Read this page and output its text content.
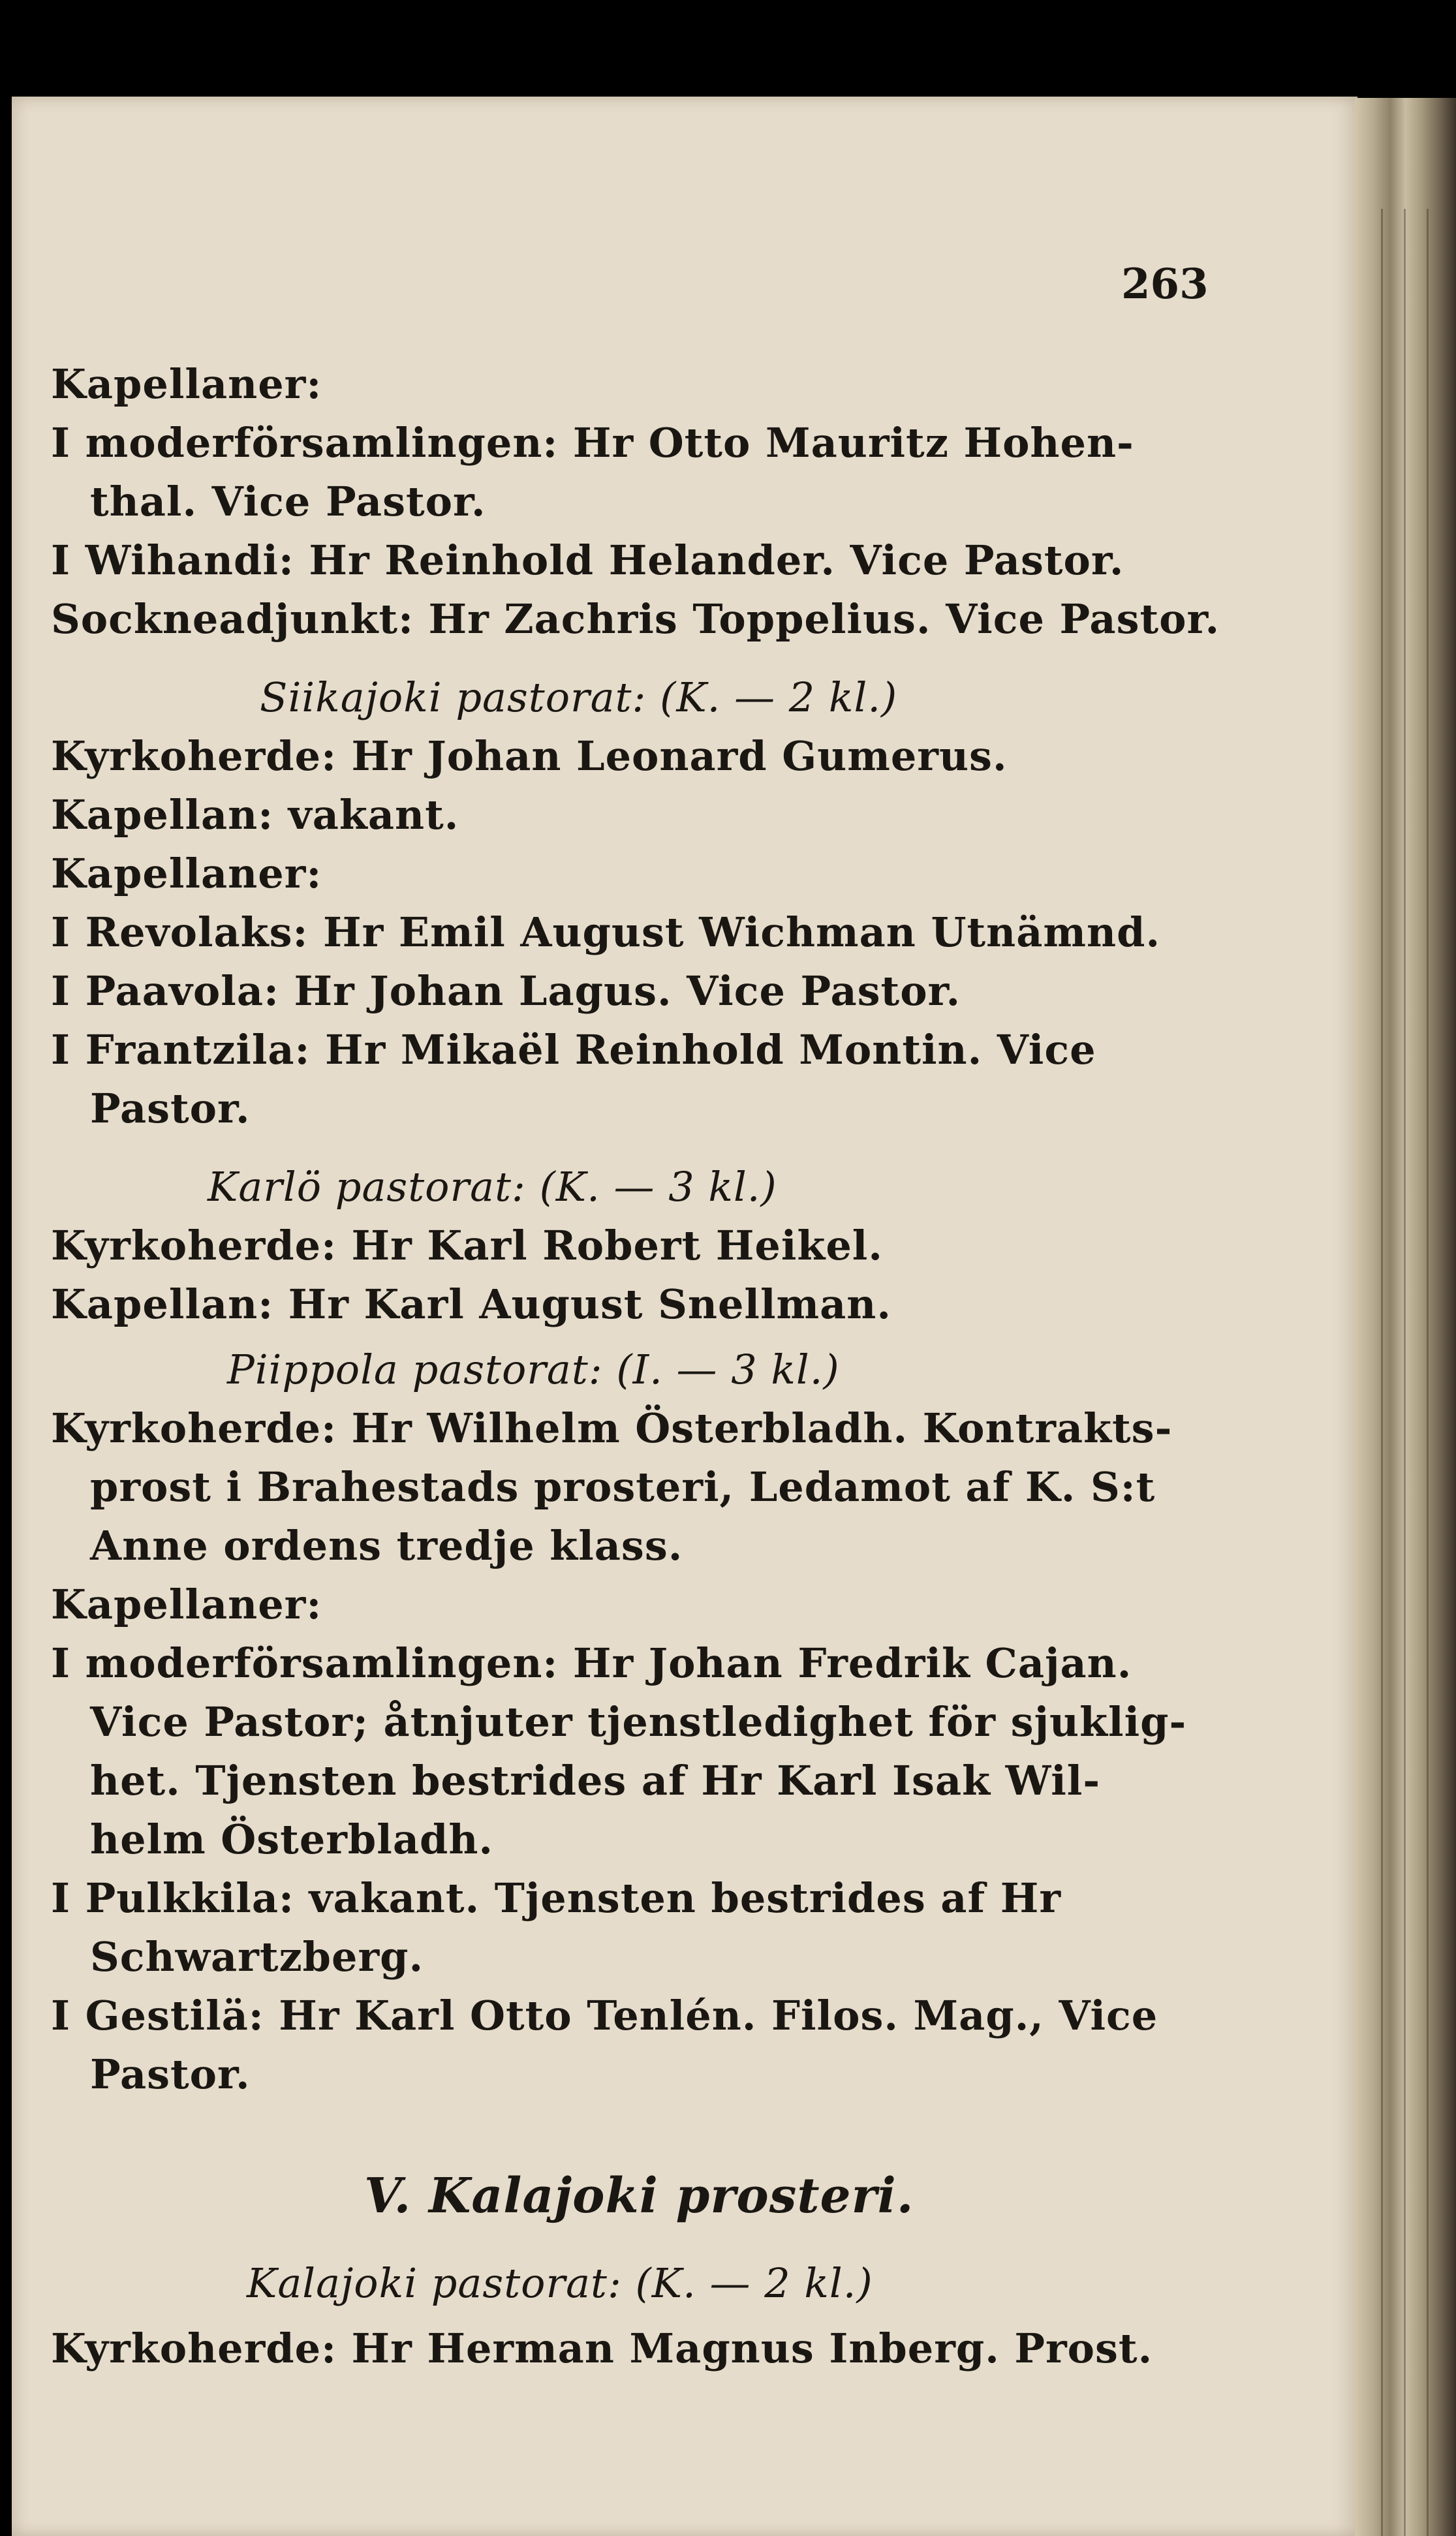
263
Kapellaner:
I moderförsamlingen: Hr Otto Mauritz Hohen-
thal. Vice Pastor.
I Wihandi: Hr Reinhold Helander. Vice Pastor.
Sockneadjunkt: Hr Zachris Toppelius. Vice Pastor.
Siikajoki pastorat: (K. — 2 kl.)
Kyrkoherde: Hr Johan Leonard Gumerus.
Kapellan: vakant.
Kapellaner:
I Revolaks: Hr Emil August Wichman Utnämnd.
I Paavola: Hr Johan Lagus. Vice Pastor.
I Frantzila: Hr Mikaël Reinhold Montin. Vice
Pastor.
Karlö pastorat: (K. — 3 kl.)
Kyrkoherde: Hr Karl Robert Heikel.
Kapellan: Hr Karl August Snellman.
Piippola pastorat: (I. — 3 kl.)
Kyrkoherde: Hr Wilhelm Österbladh. Kontrakts-
prost i Brahestads prosteri, Ledamot af K. S:t
Anne ordens tredje klass.
Kapellaner:
I moderförsamlingen: Hr Johan Fredrik Cajan.
Vice Pastor; åtnjuter tjenstledighet för sjuklig-
het. Tjensten bestrides af Hr Karl Isak Wil-
helm Österbladh.
I Pulkkila: vakant. Tjensten bestrides af Hr
Schwartzberg.
I Gestilä: Hr Karl Otto Tenlén. Filos. Mag., Vice
Pastor.
V. Kalajoki prosteri.
Kalajoki pastorat: (K. — 2 kl.)
Kyrkoherde: Hr Herman Magnus Inberg. Prost.
